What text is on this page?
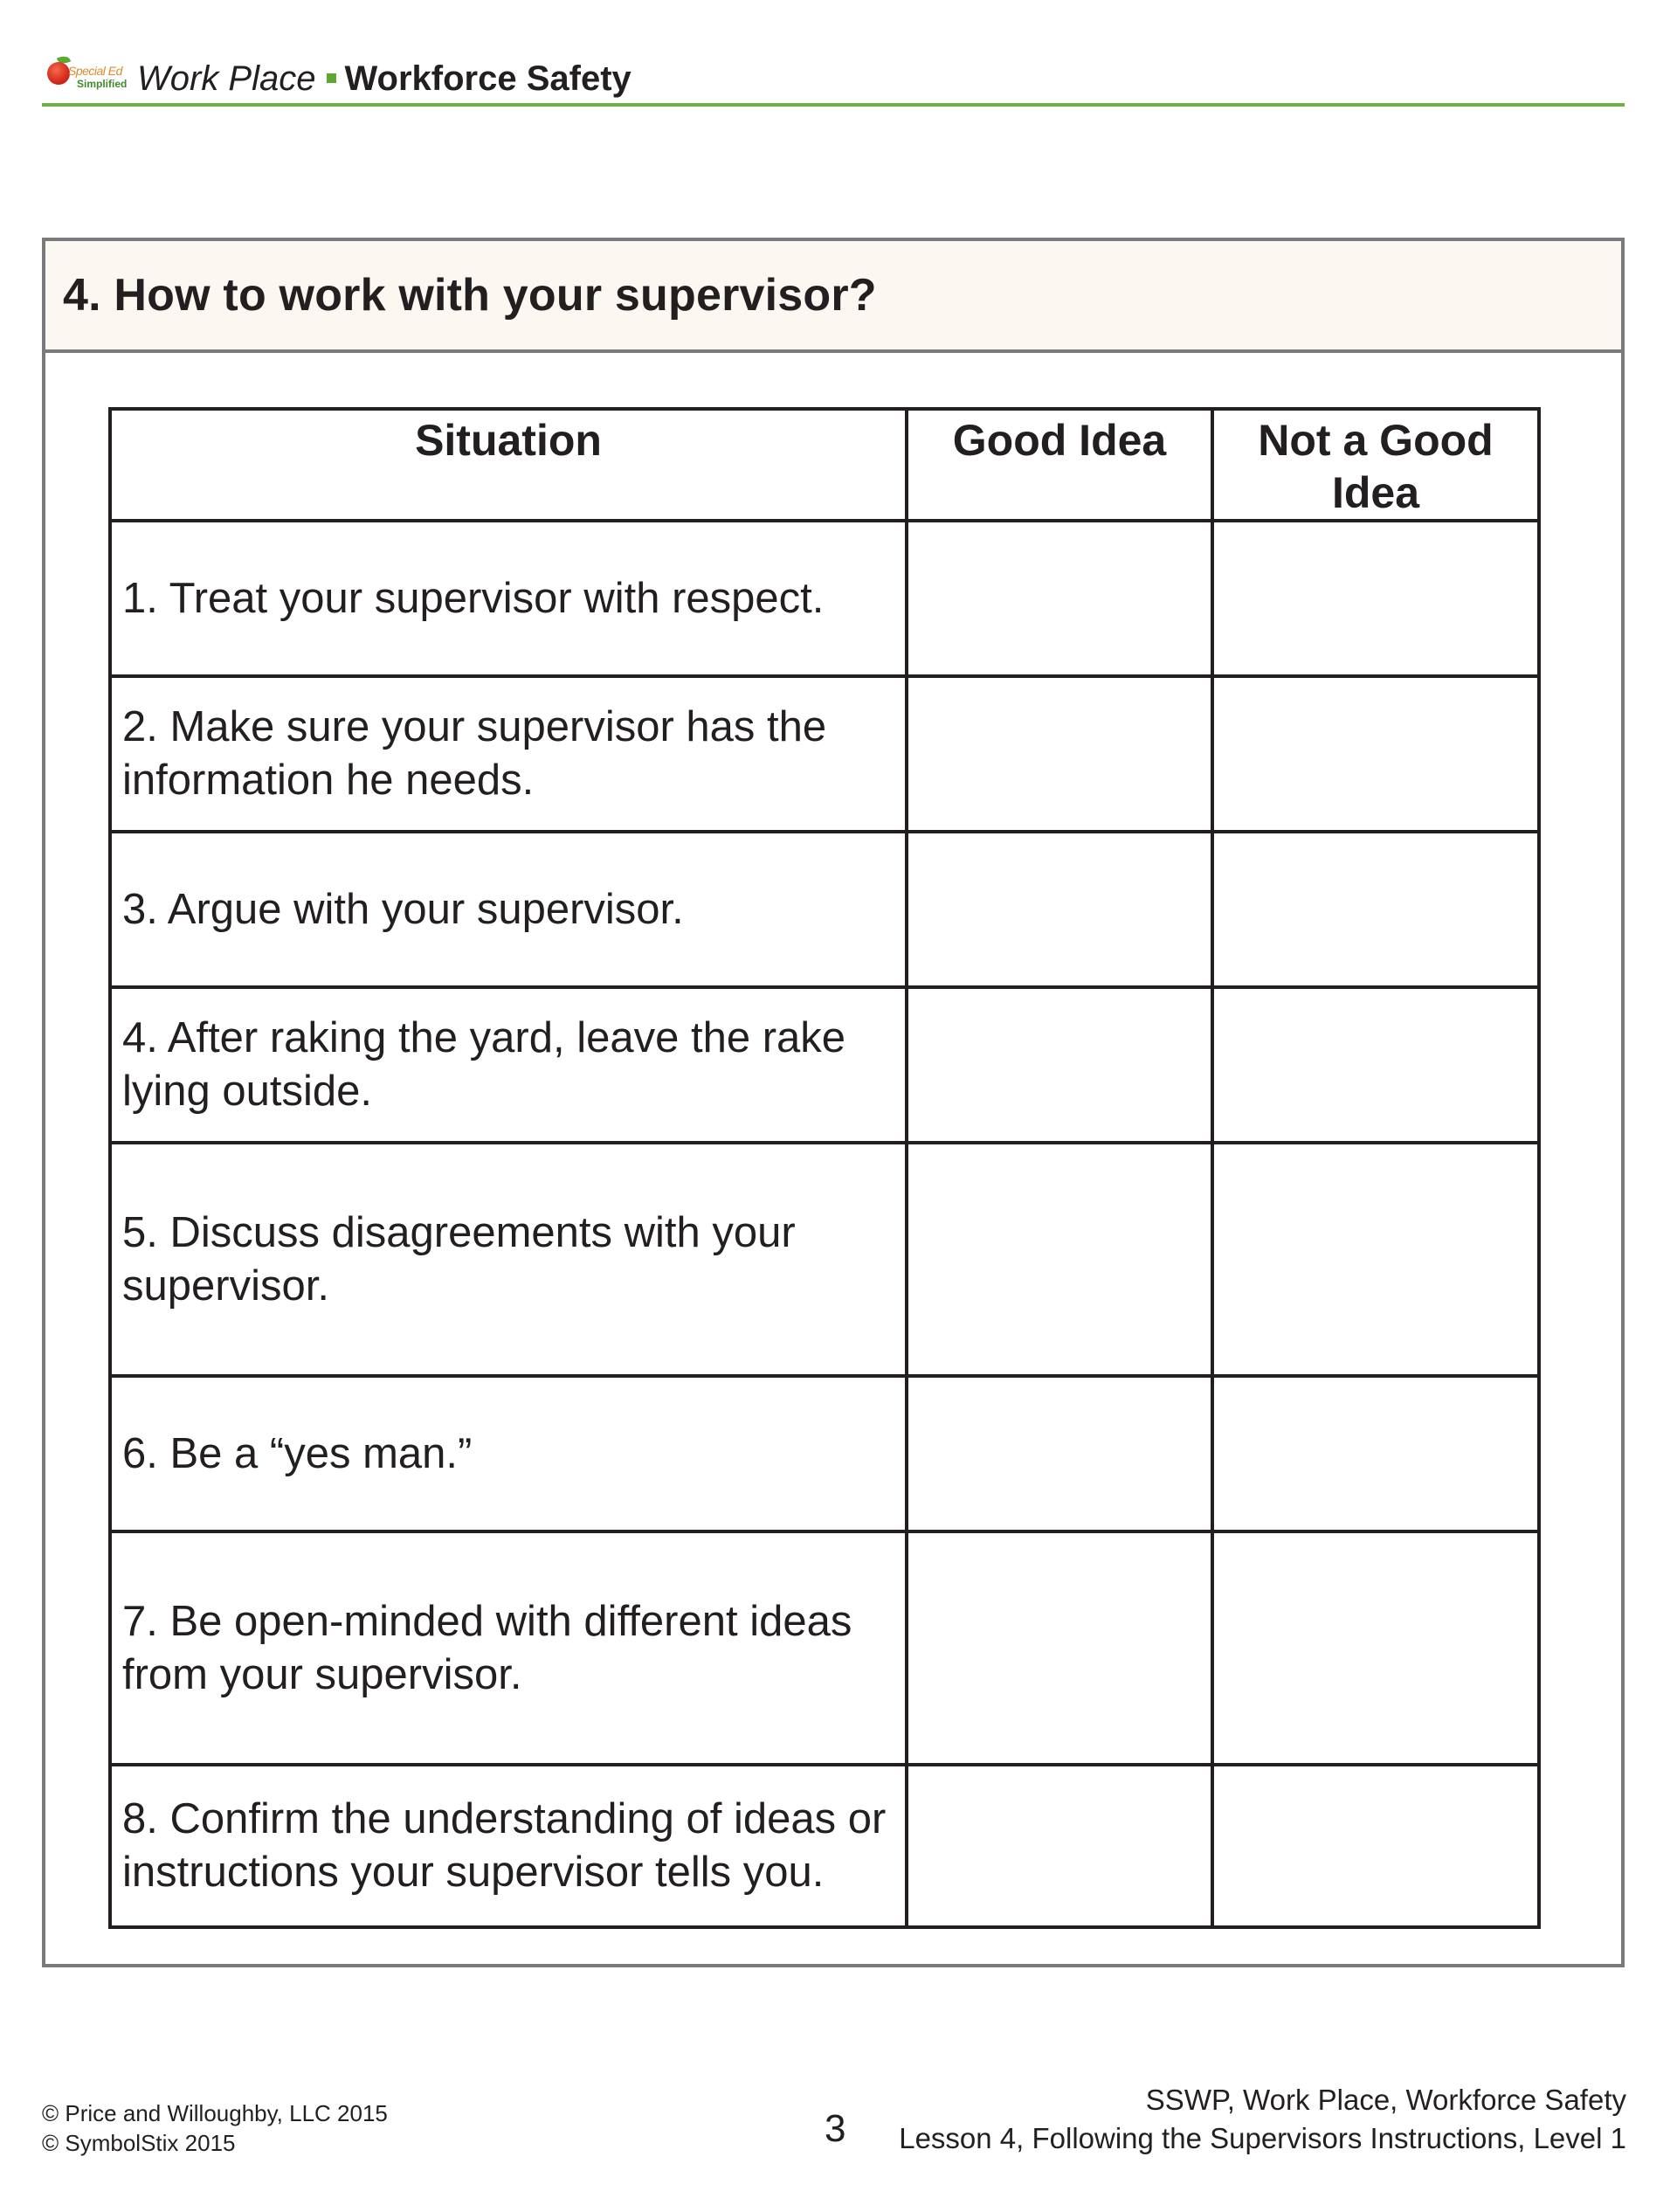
Special Ed
Simplified Work Place Workforce Safety
4. How to work with your supervisor?
Situation	Good Idea	Not a Good Idea
1. Treat your supervisor with respect.		
2. Make sure your supervisor has the information he needs.		
3. Argue with your supervisor.		
4. After raking the yard, leave the rake lying outside.		
5. Discuss disagreements with your supervisor.		
6. Be a “yes man.”		
7. Be open-minded with different ideas from your supervisor.		
8. Confirm the understanding of ideas or instructions your supervisor tells you.		
© Price and Willoughby, LLC 2015
© SymbolStix 2015	3
SSWP, Work Place, Workforce Safety
Lesson 4, Following the Supervisors Instructions, Level 1
